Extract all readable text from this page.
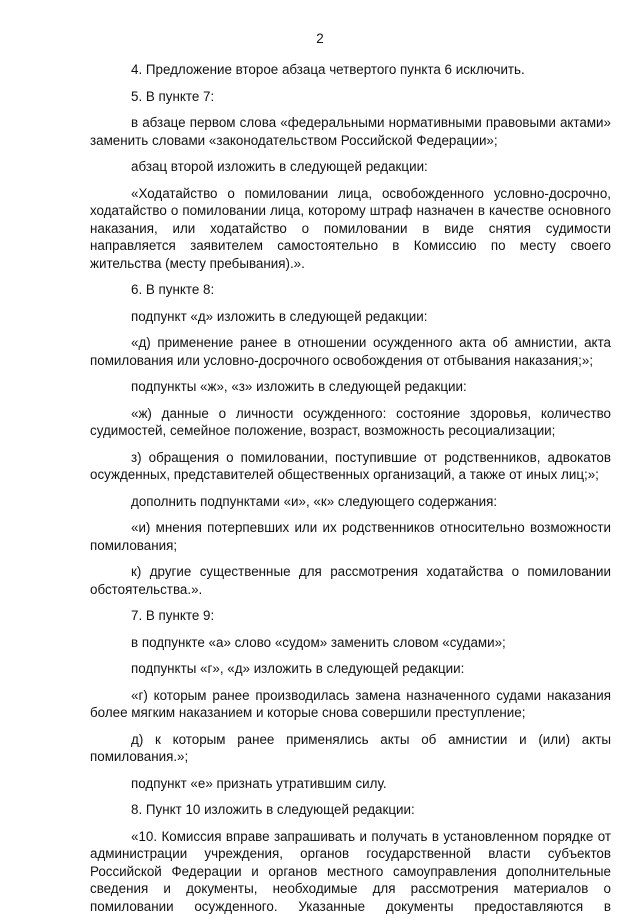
2

4. Предложение второе абзаца четвертого пункта 6 исключить.

5. В пункте 7:

в абзаце первом слова «федеральными нормативными правовыми актами» заменить словами «законодательством Российской Федерации»;

абзац второй изложить в следующей редакции:

«Ходатайство о помиловании лица, освобожденного условно-досрочно, ходатайство о помиловании лица, которому штраф назначен в качестве основного наказания, или ходатайство о помиловании в виде снятия судимости направляется заявителем самостоятельно в Комиссию по месту своего жительства (месту пребывания).».

6. В пункте 8:

подпункт «д» изложить в следующей редакции:

«д) применение ранее в отношении осужденного акта об амнистии, акта помилования или условно-досрочного освобождения от отбывания наказания;»;

подпункты «ж», «з» изложить в следующей редакции:

«ж) данные о личности осужденного: состояние здоровья, количество судимостей, семейное положение, возраст, возможность ресоциализации;

з) обращения о помиловании, поступившие от родственников, адвокатов осужденных, представителей общественных организаций, а также от иных лиц;»;

дополнить подпунктами «и», «к» следующего содержания:

«и) мнения потерпевших или их родственников относительно возможности помилования;

к) другие существенные для рассмотрения ходатайства о помиловании обстоятельства.».

7. В пункте 9:

в подпункте «а» слово «судом» заменить словом «судами»;

подпункты «г», «д» изложить в следующей редакции:

«г) которым ранее производилась замена назначенного судами наказания более мягким наказанием и которые снова совершили преступление;

д) к которым ранее применялись акты об амнистии и (или) акты помилования.»;

подпункт «е» признать утратившим силу.

8. Пункт 10 изложить в следующей редакции:

«10. Комиссия вправе запрашивать и получать в установленном порядке от администрации учреждения, органов государственной власти субъектов Российской Федерации и органов местного самоуправления дополнительные сведения и документы, необходимые для рассмотрения материалов о помиловании осужденного. Указанные документы предоставляются в
